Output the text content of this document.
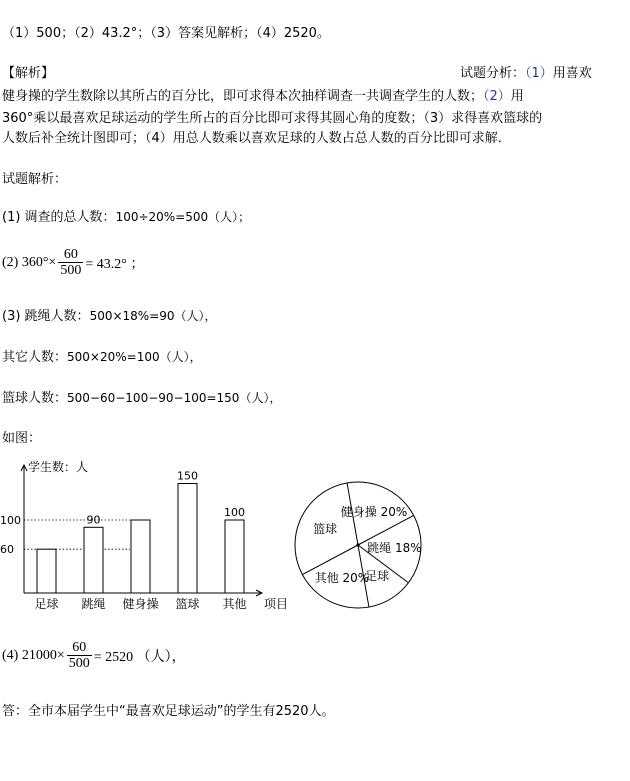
（1）500；（2）43.2°；（3）答案见解析；（4）2520。
【解析】	试题分析：（1）用喜欢
健身操的学生数除以其所占的百分比，即可求得本次抽样调查一共调查学生的人数；（2）用
360°乘以最喜欢足球运动的学生所占的百分比即可求得其圆心角的度数；（3）求得喜欢篮球的
人数后补全统计图即可；（4）用总人数乘以喜欢足球的人数占总人数的百分比即可求解．
试题解析：
(1) 调查的总人数：100÷20%=500（人）；
(2) $360^\circ\times \frac{60}{500} = 43.2^\circ$ ；
(3) 跳绳人数：500×18%=90（人），
其它人数：500×20%=100（人），
篮球人数：500−60−100−90−100=150（人），
如图：
学生数：人
项目
60
100
足球
90
跳绳 健身操
150
篮球
100
其他
健身操 20%
跳绳 18%
足球
其他 20%
篮球
(4) $21000\times \frac{60}{500} = 2520$ （人），
答：全市本届学生中“最喜欢足球运动”的学生有2520人。
